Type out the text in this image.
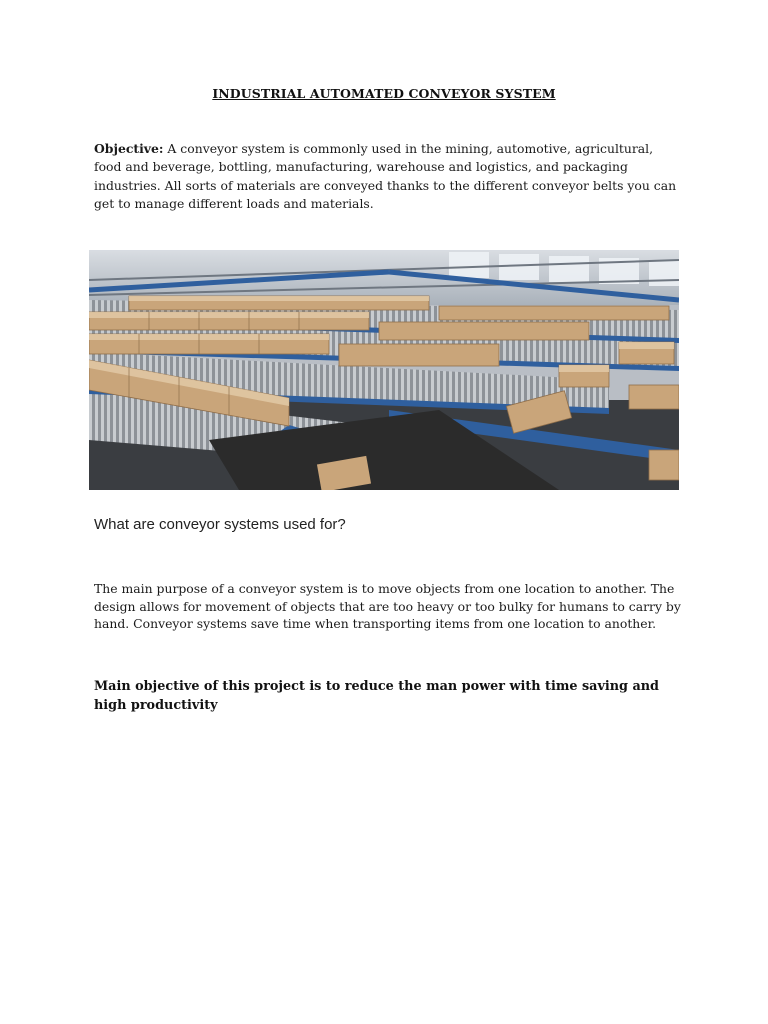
INDUSTRIAL AUTOMATED CONVEYOR SYSTEM
Objective: A conveyor system is commonly used in the mining, automotive, agricultural, food and beverage, bottling, manufacturing, warehouse and logistics, and packaging industries. All sorts of materials are conveyed thanks to the different conveyor belts you can get to manage different loads and materials.
What are conveyor systems used for?
The main purpose of a conveyor system is to move objects from one location to another. The design allows for movement of objects that are too heavy or too bulky for humans to carry by hand. Conveyor systems save time when transporting items from one location to another.
Main objective of this project is to reduce the man power with time saving and high productivity
